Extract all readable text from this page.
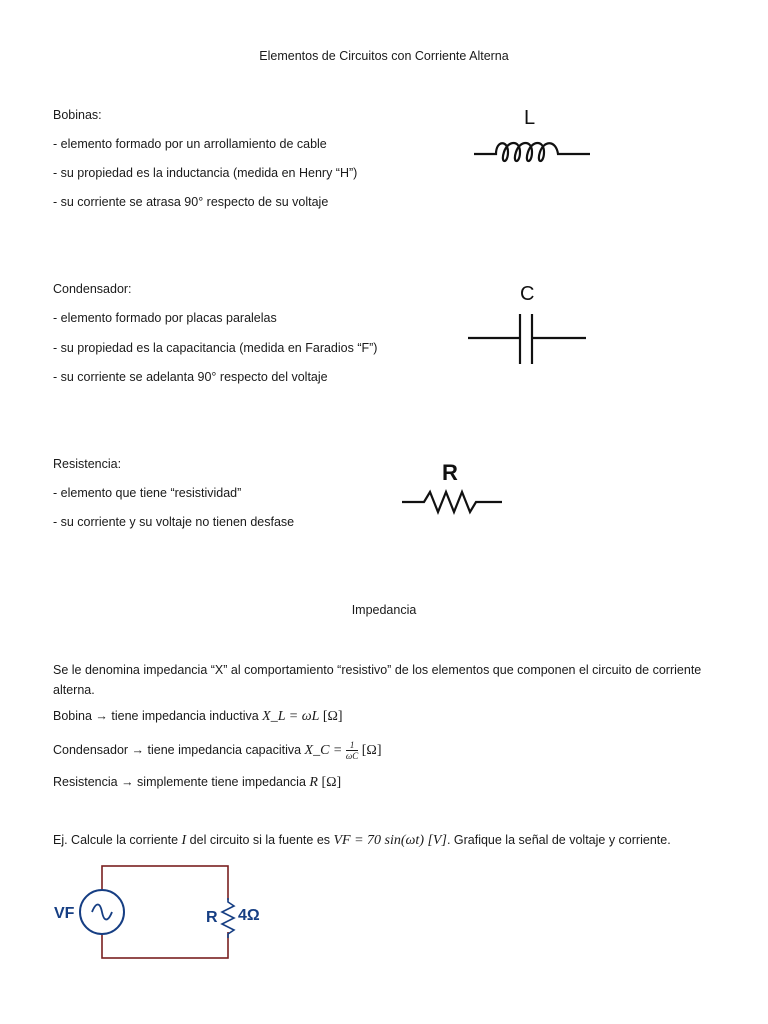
Elementos de Circuitos con Corriente Alterna
Bobinas:
- elemento formado por un arrollamiento de cable
- su propiedad es la inductancia (medida en Henry “H”)
- su corriente se atrasa 90° respecto de su voltaje
L
Condensador:
- elemento formado por placas paralelas
- su propiedad es la capacitancia (medida en Faradios “F”)
- su corriente se adelanta 90° respecto del voltaje
C
Resistencia:
- elemento que tiene “resistividad”
- su corriente y su voltaje no tienen desfase
R
Impedancia
Se le denomina impedancia “X” al comportamiento “resistivo” de los elementos que componen el circuito de corriente alterna.
Bobina → tiene impedancia inductiva X_L = ωL [Ω]
Condensador → tiene impedancia capacitiva X_C = $\frac{1}{\omega C} [\Omega]$
Resistencia → simplemente tiene impedancia R [Ω]
Ej. Calcule la corriente I del circuito si la fuente es VF = 70 sin(ωt) [V]. Grafique la señal de voltaje y corriente.
VF	R 4Ω
